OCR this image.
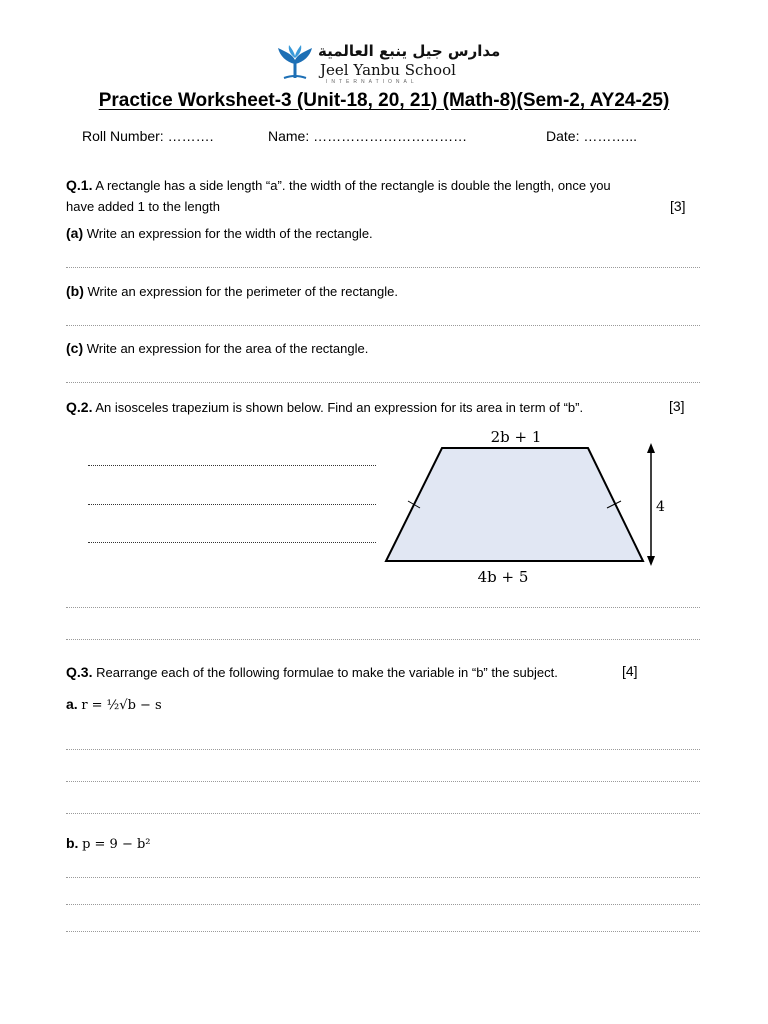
مدارس جيل ينبع العالمية
Jeel Yanbu School
INTERNATIONAL
Practice Worksheet-3 (Unit-18, 20, 21) (Math-8)(Sem-2, AY24-25)
Roll Number: ……….	Name: ……………………………	Date: ………...
Q.1. A rectangle has a side length “a”. the width of the rectangle is double the length, once you
have added 1 to the length	[3]
(a) Write an expression for the width of the rectangle.
(b) Write an expression for the perimeter of the rectangle.
(c) Write an expression for the area of the rectangle.
Q.2. An isosceles trapezium is shown below. Find an expression for its area in term of “b”.	[3]
2b + 1
4b + 5
4
Q.3. Rearrange each of the following formulae to make the variable in “b” the subject.	[4]
a. r = ½√b − s
b. p = 9 − b²
